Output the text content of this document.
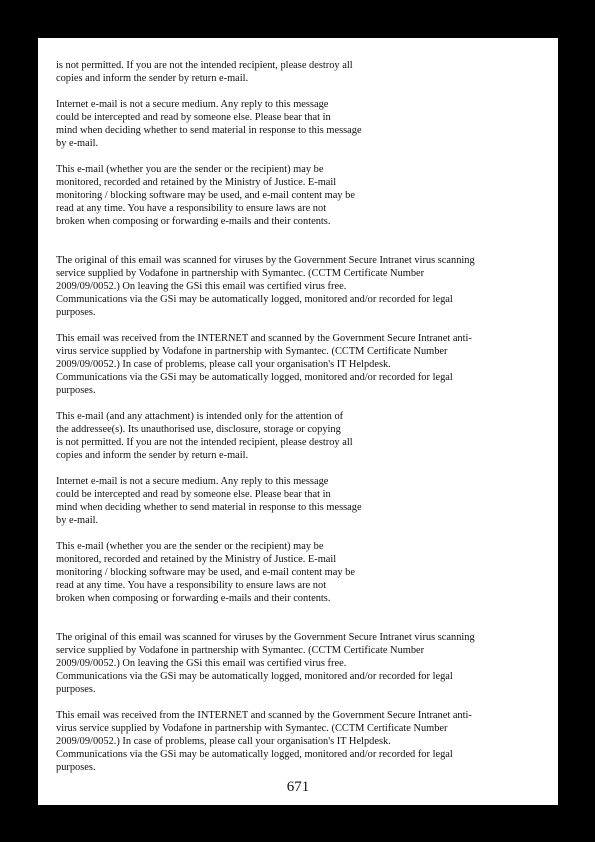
is not permitted. If you are not the intended recipient, please destroy all
copies and inform the sender by return e-mail.
Internet e-mail is not a secure medium. Any reply to this message
could be intercepted and read by someone else. Please bear that in
mind when deciding whether to send material in response to this message
by e-mail.
This e-mail (whether you are the sender or the recipient) may be
monitored, recorded and retained by the Ministry of Justice. E-mail
monitoring / blocking software may be used, and e-mail content may be
read at any time. You have a responsibility to ensure laws are not
broken when composing or forwarding e-mails and their contents.
The original of this email was scanned for viruses by the Government Secure Intranet virus scanning
service supplied by Vodafone in partnership with Symantec. (CCTM Certificate Number
2009/09/0052.) On leaving the GSi this email was certified virus free.
Communications via the GSi may be automatically logged, monitored and/or recorded for legal
purposes.
This email was received from the INTERNET and scanned by the Government Secure Intranet anti-
virus service supplied by Vodafone in partnership with Symantec. (CCTM Certificate Number
2009/09/0052.) In case of problems, please call your organisation's IT Helpdesk.
Communications via the GSi may be automatically logged, monitored and/or recorded for legal
purposes.
This e-mail (and any attachment) is intended only for the attention of
the addressee(s). Its unauthorised use, disclosure, storage or copying
is not permitted. If you are not the intended recipient, please destroy all
copies and inform the sender by return e-mail.
Internet e-mail is not a secure medium. Any reply to this message
could be intercepted and read by someone else. Please bear that in
mind when deciding whether to send material in response to this message
by e-mail.
This e-mail (whether you are the sender or the recipient) may be
monitored, recorded and retained by the Ministry of Justice. E-mail
monitoring / blocking software may be used, and e-mail content may be
read at any time. You have a responsibility to ensure laws are not
broken when composing or forwarding e-mails and their contents.
The original of this email was scanned for viruses by the Government Secure Intranet virus scanning
service supplied by Vodafone in partnership with Symantec. (CCTM Certificate Number
2009/09/0052.) On leaving the GSi this email was certified virus free.
Communications via the GSi may be automatically logged, monitored and/or recorded for legal
purposes.
This email was received from the INTERNET and scanned by the Government Secure Intranet anti-
virus service supplied by Vodafone in partnership with Symantec. (CCTM Certificate Number
2009/09/0052.) In case of problems, please call your organisation's IT Helpdesk.
Communications via the GSi may be automatically logged, monitored and/or recorded for legal
purposes.
671
